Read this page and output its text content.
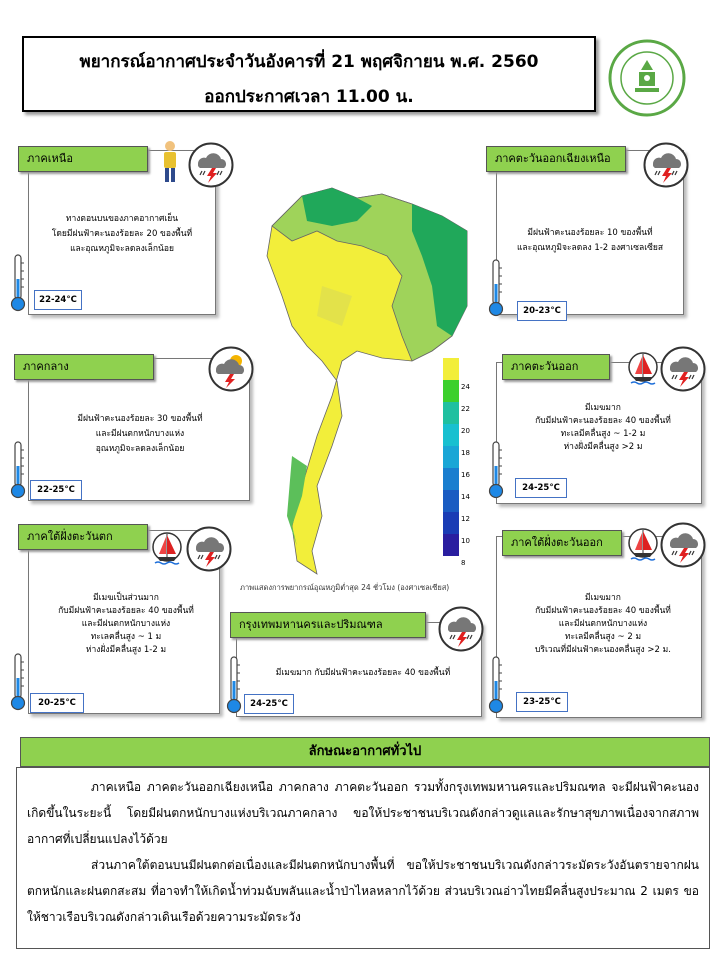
พยากรณ์อากาศประจำวันอังคารที่ 21 พฤศจิกายน พ.ศ. 2560
ออกประกาศเวลา 11.00 น.
24
22
20
18
16
14
12
10
8
ภาพแสดงการพยากรณ์อุณหภูมิต่ำสุด 24 ชั่วโมง (องศาเซลเซียส)
ภาคเหนือ
ทางตอนบนของภาคอากาศเย็น
โดยมีฝนฟ้าคะนองร้อยละ 20 ของพื้นที่
และอุณหภูมิจะลดลงเล็กน้อย
22-24°C
ภาคตะวันออกเฉียงเหนือ
มีฝนฟ้าคะนองร้อยละ 10 ของพื้นที่
และอุณหภูมิจะลดลง 1-2 องศาเซลเซียส
20-23°C
ภาคกลาง
มีฝนฟ้าคะนองร้อยละ 30 ของพื้นที่
และมีฝนตกหนักบางแห่ง
อุณหภูมิจะลดลงเล็กน้อย
22-25°C
ภาคตะวันออก
มีเมฆมาก
กับมีฝนฟ้าคะนองร้อยละ 40 ของพื้นที่
ทะเลมีคลื่นสูง ~ 1-2 ม
ห่างฝั่งมีคลื่นสูง >2 ม
24-25°C
ภาคใต้ฝั่งตะวันตก
มีเมฆเป็นส่วนมาก
กับมีฝนฟ้าคะนองร้อยละ 40 ของพื้นที่
และมีฝนตกหนักบางแห่ง
ทะเลคลื่นสูง ~ 1 ม
ห่างฝั่งมีคลื่นสูง 1-2 ม
20-25°C
กรุงเทพมหานครและปริมณฑล
มีเมฆมาก กับมีฝนฟ้าคะนองร้อยละ 40 ของพื้นที่
24-25°C
ภาคใต้ฝั่งตะวันออก
มีเมฆมาก
กับมีฝนฟ้าคะนองร้อยละ 40 ของพื้นที่
และมีฝนตกหนักบางแห่ง
ทะเลมีคลื่นสูง ~ 2 ม
บริเวณที่มีฝนฟ้าคะนองคลื่นสูง >2 ม.
23-25°C
ลักษณะอากาศทั่วไป

ภาคเหนือ ภาคตะวันออกเฉียงเหนือ ภาคกลาง ภาคตะวันออก รวมทั้งกรุงเทพมหานครและปริมณฑล จะมีฝนฟ้าคะนองเกิดขึ้นในระยะนี้ โดยมีฝนตกหนักบางแห่งบริเวณภาคกลาง ขอให้ประชาชนบริเวณดังกล่าวดูแลและรักษาสุขภาพเนื่องจากสภาพอากาศที่เปลี่ยนแปลงไว้ด้วย

ส่วนภาคใต้ตอนบนมีฝนตกต่อเนื่องและมีฝนตกหนักบางพื้นที่ ขอให้ประชาชนบริเวณดังกล่าวระมัดระวังอันตรายจากฝนตกหนักและฝนตกสะสม ที่อาจทำให้เกิดน้ำท่วมฉับพลันและน้ำป่าไหลหลากไว้ด้วย ส่วนบริเวณอ่าวไทยมีคลื่นสูงประมาณ 2 เมตร ขอให้ชาวเรือบริเวณดังกล่าวเดินเรือด้วยความระมัดระวัง
